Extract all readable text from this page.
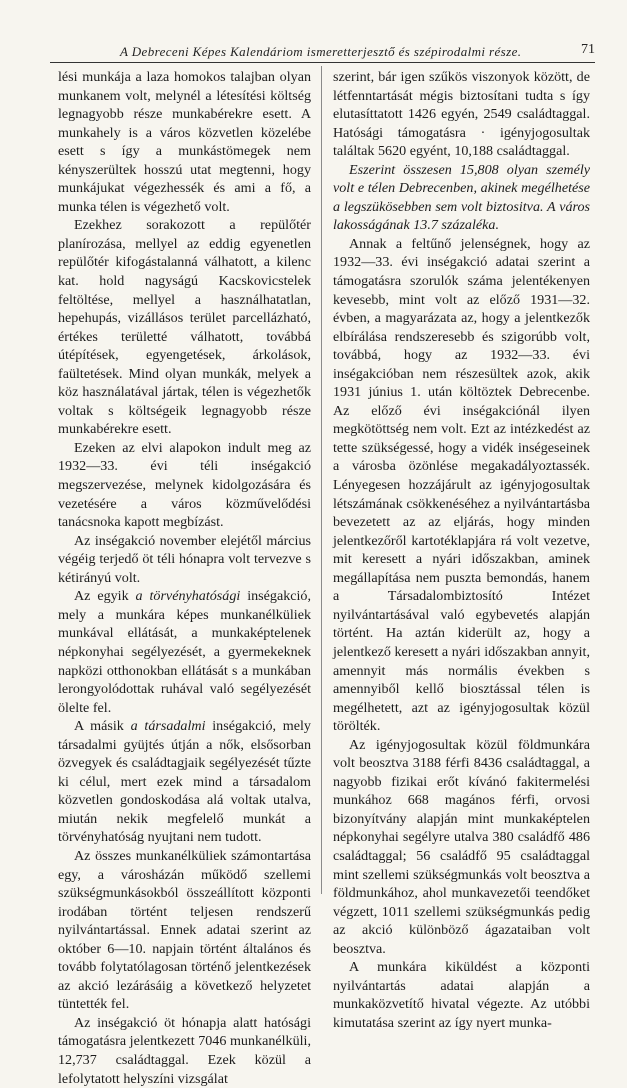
A Debreceni Képes Kalendáriom ismeretterjesztő és szépirodalmi része.	71

lési munkája a laza homokos talajban olyan munkanem volt, melynél a létesítési költség legnagyobb része munkabérekre esett. A munkahely is a város közvetlen közelébe esett s így a munkástömegek nem kényszerültek hosszú utat megtenni, hogy munkájukat végezhessék és ami a fő, a munka télen is végezhető volt.

Ezekhez sorakozott a repülőtér planírozása, mellyel az eddig egyenetlen repülőtér kifogástalanná válhatott, a kilenc kat. hold nagyságú Kacskovicstelek feltöltése, mellyel a használhatatlan, hepehupás, vizállásos terület parcellázható, értékes területté válhatott, továbbá útépítések, egyengetések, árkolások, faültetések. Mind olyan munkák, melyek a köz használatával jártak, télen is végezhetők voltak s költségeik legnagyobb része munkabérekre esett.

Ezeken az elvi alapokon indult meg az 1932—33. évi téli inségakció megszervezése, melynek kidolgozására és vezetésére a város közművelődési tanácsnoka kapott megbízást.

Az inségakció november elejétől március végéig terjedő öt téli hónapra volt tervezve s kétirányú volt.

Az egyik a törvényhatósági inségakció, mely a munkára képes munkanélküliek munkával ellátását, a munkaképtelenek népkonyhai segélyezését, a gyermekeknek napközi otthonokban ellátását s a munkában lerongyolódottak ruhával való segélyezését ölelte fel.

A másik a társadalmi inségakció, mely társadalmi gyüjtés útján a nők, elsősorban özvegyek és családtagjaik segélyezését tűzte ki célul, mert ezek mind a társadalom közvetlen gondoskodása alá voltak utalva, miután nekik megfelelő munkát a törvényhatóság nyujtani nem tudott.

Az összes munkanélküliek számontartása egy, a városházán működő szellemi szükségmunkásokból összeállított központi irodában történt teljesen rendszerű nyilvántartással. Ennek adatai szerint az október 6—10. napjain történt általános és tovább folytatólagosan történő jelentkezések az akció lezárásáig a következő helyzetet tüntették fel.

Az inségakció öt hónapja alatt hatósági támogatásra jelentkezett 7046 munkanélküli, 12,737 családtaggal. Ezek közül a lefolytatott helyszíni vizsgálat

szerint, bár igen szűkös viszonyok között, de létfenntartását mégis biztosítani tudta s így elutasíttatott 1426 egyén, 2549 családtaggal. Hatósági támogatásra · igényjogosultak találtak 5620 egyént, 10,188 családtaggal.

Eszerint összesen 15,808 olyan személy volt e télen Debrecenben, akinek megélhetése a legszükösebben sem volt biztositva. A város lakosságának 13.7 százaléka.

Annak a feltűnő jelenségnek, hogy az 1932—33. évi inségakció adatai szerint a támogatásra szorulók száma jelentékenyen kevesebb, mint volt az előző 1931—32. évben, a magyarázata az, hogy a jelentkezők elbírálása rendszeresebb és szigorúbb volt, továbbá, hogy az 1932—33. évi inségakcióban nem részesültek azok, akik 1931 június 1. után költöztek Debrecenbe. Az előző évi inségakciónál ilyen megkötöttség nem volt. Ezt az intézkedést az tette szükségessé, hogy a vidék inségeseinek a városba özönlése megakadályoztassék. Lényegesen hozzájárult az igényjogosultak létszámának csökkenéséhez a nyilvántartásba bevezetett az az eljárás, hogy minden jelentkezőről kartotéklapjára rá volt vezetve, mit keresett a nyári időszakban, aminek megállapítása nem puszta bemondás, hanem a Társadalombiztosító Intézet nyilvántartásával való egybevetés alapján történt. Ha aztán kiderült az, hogy a jelentkező keresett a nyári időszakban annyit, amennyit más normális években s amennyiből kellő biosztással télen is megélhetett, azt az igényjogosultak közül törölték.

Az igényjogosultak közül földmunkára volt beosztva 3188 férfi 8436 családtaggal, a nagyobb fizikai erőt kívánó fakitermelési munkához 668 magános férfi, orvosi bizonyítvány alapján mint munkaképtelen népkonyhai segélyre utalva 380 családfő 486 családtaggal; 56 családfő 95 családtaggal mint szellemi szükségmunkás volt beosztva a földmunkához, ahol munkavezetői teendőket végzett, 1011 szellemi szükségmunkás pedig az akció különböző ágazataiban volt beosztva.

A munkára kiküldést a központi nyilvántartás adatai alapján a munkaközvetítő hivatal végezte. Az utóbbi kimutatása szerint az így nyert munka-
